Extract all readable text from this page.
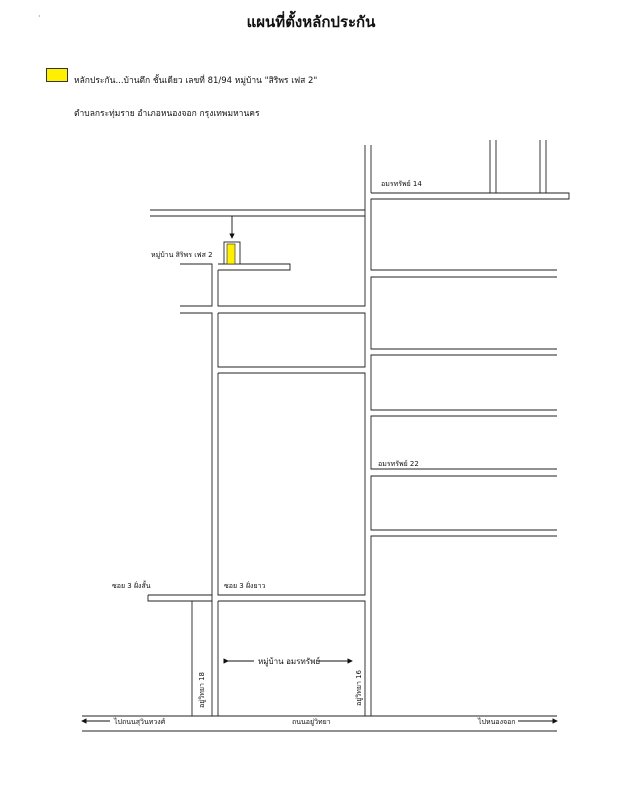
·	แผนที่ตั้งหลักประกัน
หลักประกัน...บ้านตึก ชั้นเดียว เลขที่ 81/94 หมู่บ้าน "สิริพร เฟส 2"
ตำบลกระทุ่มราย อำเภอหนองจอก กรุงเทพมหานคร
อมรทรัพย์ 14
หมู่บ้าน สิริพร เฟส 2
อมรทรัพย์ 22
ซอย 3 ฝั่งสั้น	ซอย 3 ฝั่งยาว
หมู่บ้าน อมรทรัพย์
อยู่วิทยา 18	อยู่วิทยา 16
ไปถนนสุวินทวงศ์	ถนนอยู่วิทยา	ไปหนองจอก
